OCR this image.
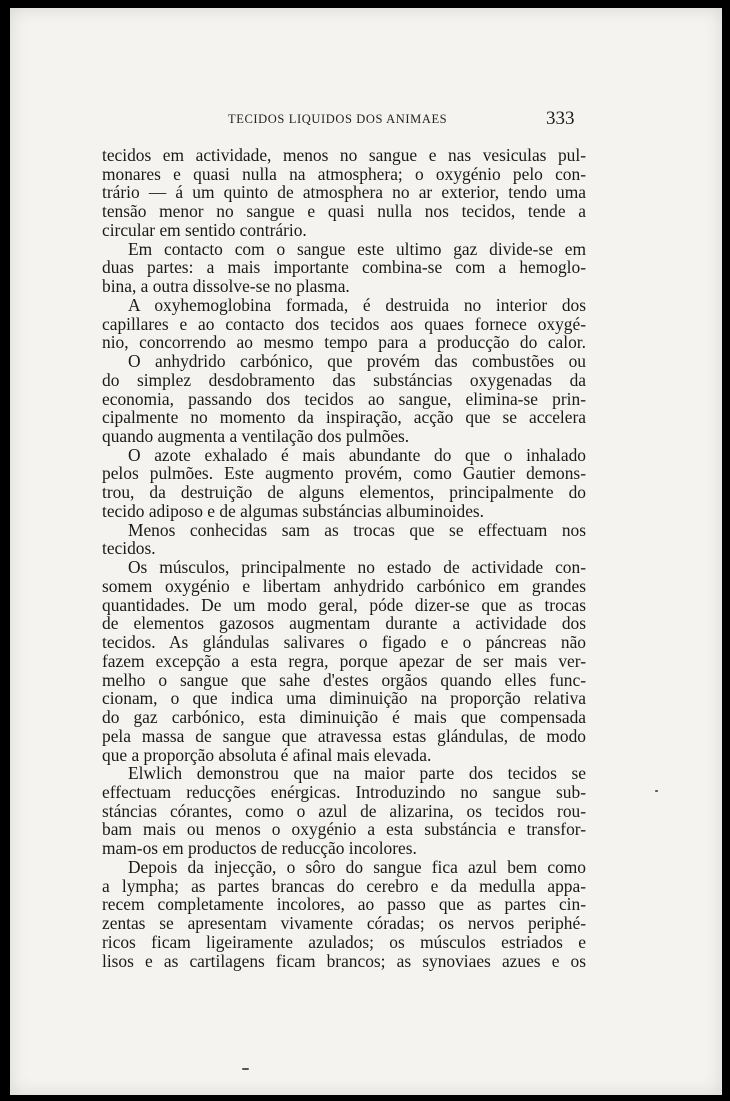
TECIDOS LIQUIDOS DOS ANIMAES	333
tecidos em actividade, menos no sangue e nas vesiculas pul-
monares e quasi nulla na atmosphera; o oxygénio pelo con-
trário — á um quinto de atmosphera no ar exterior, tendo uma
tensão menor no sangue e quasi nulla nos tecidos, tende a
circular em sentido contrário.
Em contacto com o sangue este ultimo gaz divide-se em
duas partes: a mais importante combina-se com a hemoglo-
bina, a outra dissolve-se no plasma.
A oxyhemoglobina formada, é destruida no interior dos
capillares e ao contacto dos tecidos aos quaes fornece oxygé-
nio, concorrendo ao mesmo tempo para a producção do calor.
O anhydrido carbónico, que provém das combustões ou
do simplez desdobramento das substáncias oxygenadas da
economia, passando dos tecidos ao sangue, elimina-se prin-
cipalmente no momento da inspiração, acção que se accelera
quando augmenta a ventilação dos pulmões.
O azote exhalado é mais abundante do que o inhalado
pelos pulmões. Este augmento provém, como Gautier demons-
trou, da destruição de alguns elementos, principalmente do
tecido adiposo e de algumas substáncias albuminoides.
Menos conhecidas sam as trocas que se effectuam nos
tecidos.
Os músculos, principalmente no estado de actividade con-
somem oxygénio e libertam anhydrido carbónico em grandes
quantidades. De um modo geral, póde dizer-se que as trocas
de elementos gazosos augmentam durante a actividade dos
tecidos. As glándulas salivares o figado e o páncreas não
fazem excepção a esta regra, porque apezar de ser mais ver-
melho o sangue que sahe d'estes orgãos quando elles func-
cionam, o que indica uma diminuição na proporção relativa
do gaz carbónico, esta diminuição é mais que compensada
pela massa de sangue que atravessa estas glándulas, de modo
que a proporção absoluta é afinal mais elevada.
Elwlich demonstrou que na maior parte dos tecidos se
effectuam reducções enérgicas. Introduzindo no sangue sub-
stáncias córantes, como o azul de alizarina, os tecidos rou-
bam mais ou menos o oxygénio a esta substáncia e transfor-
mam-os em productos de reducção incolores.
Depois da injecção, o sôro do sangue fica azul bem como
a lympha; as partes brancas do cerebro e da medulla appa-
recem completamente incolores, ao passo que as partes cin-
zentas se apresentam vivamente córadas; os nervos periphé-
ricos ficam ligeiramente azulados; os músculos estriados e
lisos e as cartilagens ficam brancos; as synoviaes azues e os
